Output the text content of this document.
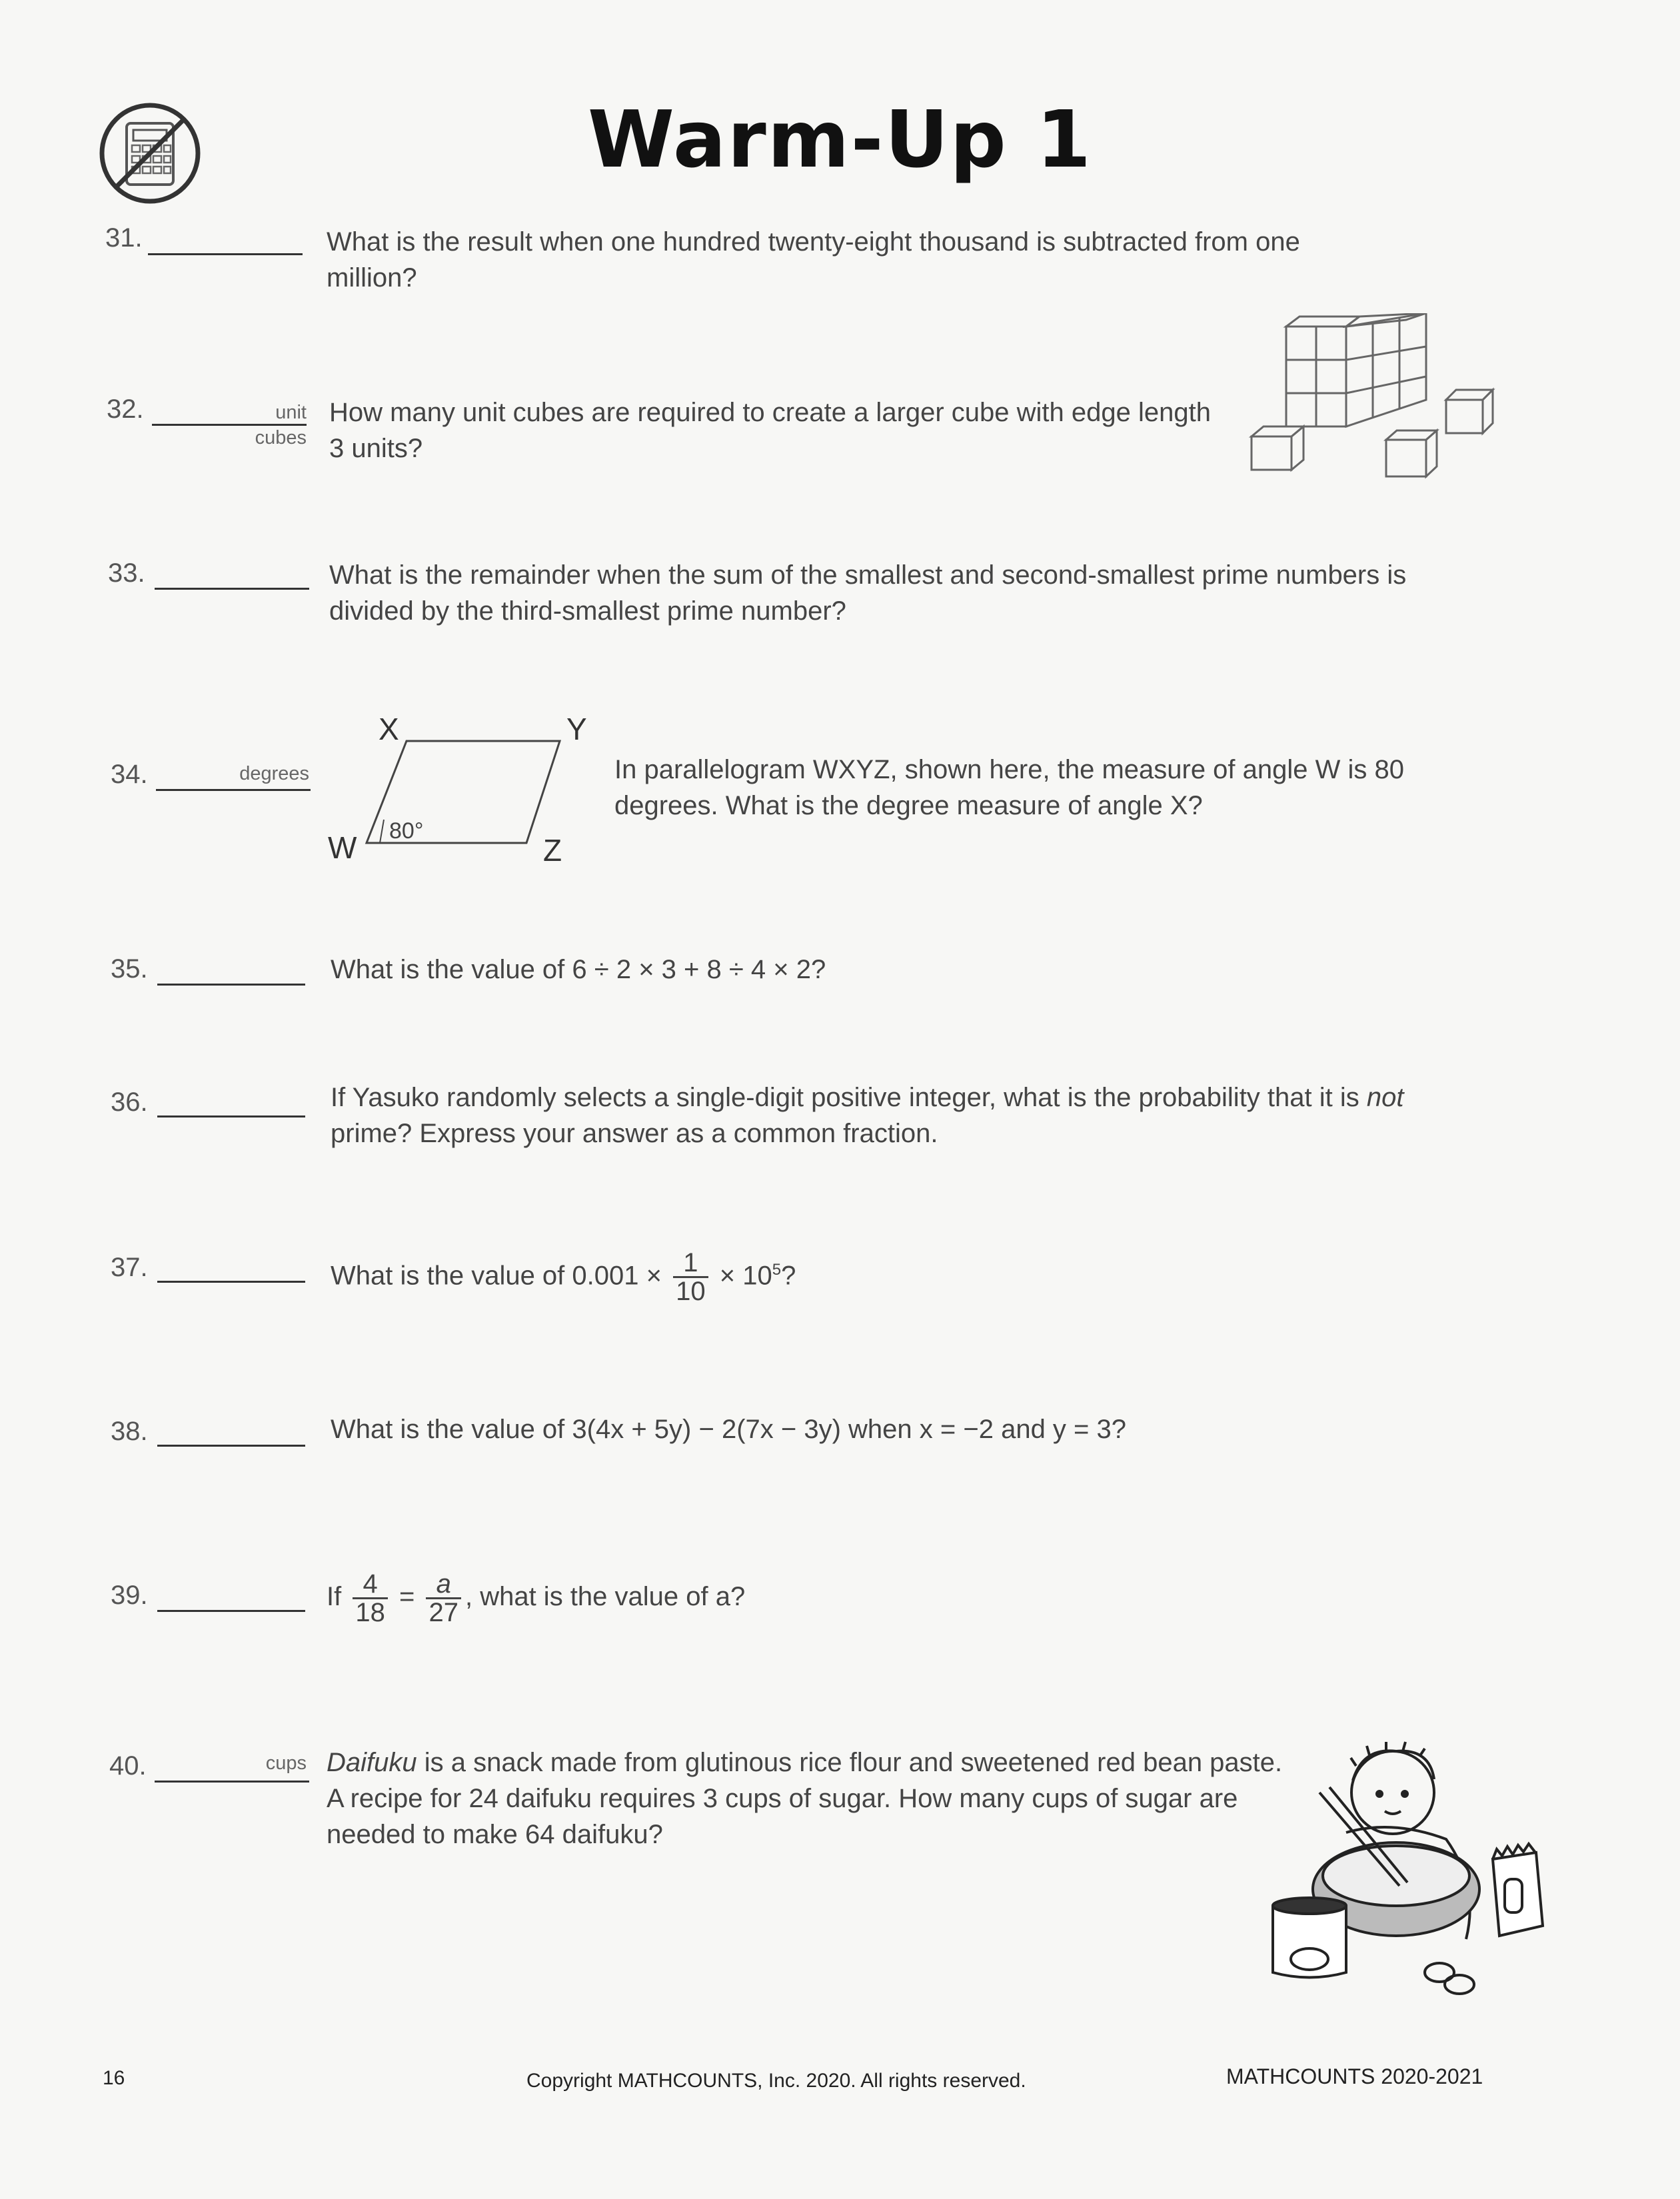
Warm-Up 1
31.	What is the result when one hundred twenty-eight thousand is subtracted from one million?
32.	unit cubes
How many unit cubes are required to create a larger cube with edge length 3 units?
33.	What is the remainder when the sum of the smallest and second-smallest prime numbers is divided by the third-smallest prime number?
34.	degrees
X	Y
W	Z
80°
In parallelogram WXYZ, shown here, the measure of angle W is 80 degrees. What is the degree measure of angle X?
35.	What is the value of 6 ÷ 2 × 3 + 8 ÷ 4 × 2?
36.	If Yasuko randomly selects a single-digit positive integer, what is the probability that it is not prime? Express your answer as a common fraction.
37.	What is the value of $0.001 \times \frac{1}{10} \times 10^5$?
38.	What is the value of 3(4x + 5y) − 2(7x − 3y) when x = −2 and y = 3?
39.	If $\frac{4}{18} = \frac{a}{27}$ , what is the value of a?
40.	cups Daifuku is a snack made from glutinous rice flour and sweetened red bean paste. A recipe for 24 daifuku requires 3 cups of sugar. How many cups of sugar are needed to make 64 daifuku?
16	Copyright MATHCOUNTS, Inc. 2020. All rights reserved.	MATHCOUNTS 2020-2021
